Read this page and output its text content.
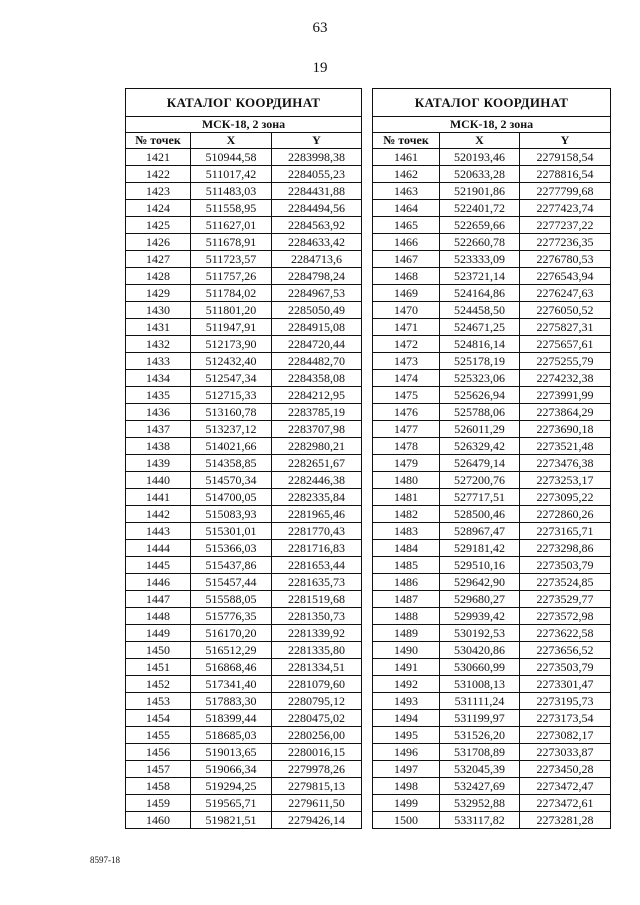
63
19
КАТАЛОГ КООРДИНАТ		
МСК-18, 2 зона		
№ точек	X	Y
1421	510944,58	2283998,38
1422	511017,42	2284055,23
1423	511483,03	2284431,88
1424	511558,95	2284494,56
1425	511627,01	2284563,92
1426	511678,91	2284633,42
1427	511723,57	2284713,6
1428	511757,26	2284798,24
1429	511784,02	2284967,53
1430	511801,20	2285050,49
1431	511947,91	2284915,08
1432	512173,90	2284720,44
1433	512432,40	2284482,70
1434	512547,34	2284358,08
1435	512715,33	2284212,95
1436	513160,78	2283785,19
1437	513237,12	2283707,98
1438	514021,66	2282980,21
1439	514358,85	2282651,67
1440	514570,34	2282446,38
1441	514700,05	2282335,84
1442	515083,93	2281965,46
1443	515301,01	2281770,43
1444	515366,03	2281716,83
1445	515437,86	2281653,44
1446	515457,44	2281635,73
1447	515588,05	2281519,68
1448	515776,35	2281350,73
1449	516170,20	2281339,92
1450	516512,29	2281335,80
1451	516868,46	2281334,51
1452	517341,40	2281079,60
1453	517883,30	2280795,12
1454	518399,44	2280475,02
1455	518685,03	2280256,00
1456	519013,65	2280016,15
1457	519066,34	2279978,26
1458	519294,25	2279815,13
1459	519565,71	2279611,50
1460	519821,51	2279426,14
КАТАЛОГ КООРДИНАТ		
МСК-18, 2 зона		
№ точек	X	Y
1461	520193,46	2279158,54
1462	520633,28	2278816,54
1463	521901,86	2277799,68
1464	522401,72	2277423,74
1465	522659,66	2277237,22
1466	522660,78	2277236,35
1467	523333,09	2276780,53
1468	523721,14	2276543,94
1469	524164,86	2276247,63
1470	524458,50	2276050,52
1471	524671,25	2275827,31
1472	524816,14	2275657,61
1473	525178,19	2275255,79
1474	525323,06	2274232,38
1475	525626,94	2273991,99
1476	525788,06	2273864,29
1477	526011,29	2273690,18
1478	526329,42	2273521,48
1479	526479,14	2273476,38
1480	527200,76	2273253,17
1481	527717,51	2273095,22
1482	528500,46	2272860,26
1483	528967,47	2273165,71
1484	529181,42	2273298,86
1485	529510,16	2273503,79
1486	529642,90	2273524,85
1487	529680,27	2273529,77
1488	529939,42	2273572,98
1489	530192,53	2273622,58
1490	530420,86	2273656,52
1491	530660,99	2273503,79
1492	531008,13	2273301,47
1493	531111,24	2273195,73
1494	531199,97	2273173,54
1495	531526,20	2273082,17
1496	531708,89	2273033,87
1497	532045,39	2273450,28
1498	532427,69	2273472,47
1499	532952,88	2273472,61
1500	533117,82	2273281,28
8597-18
